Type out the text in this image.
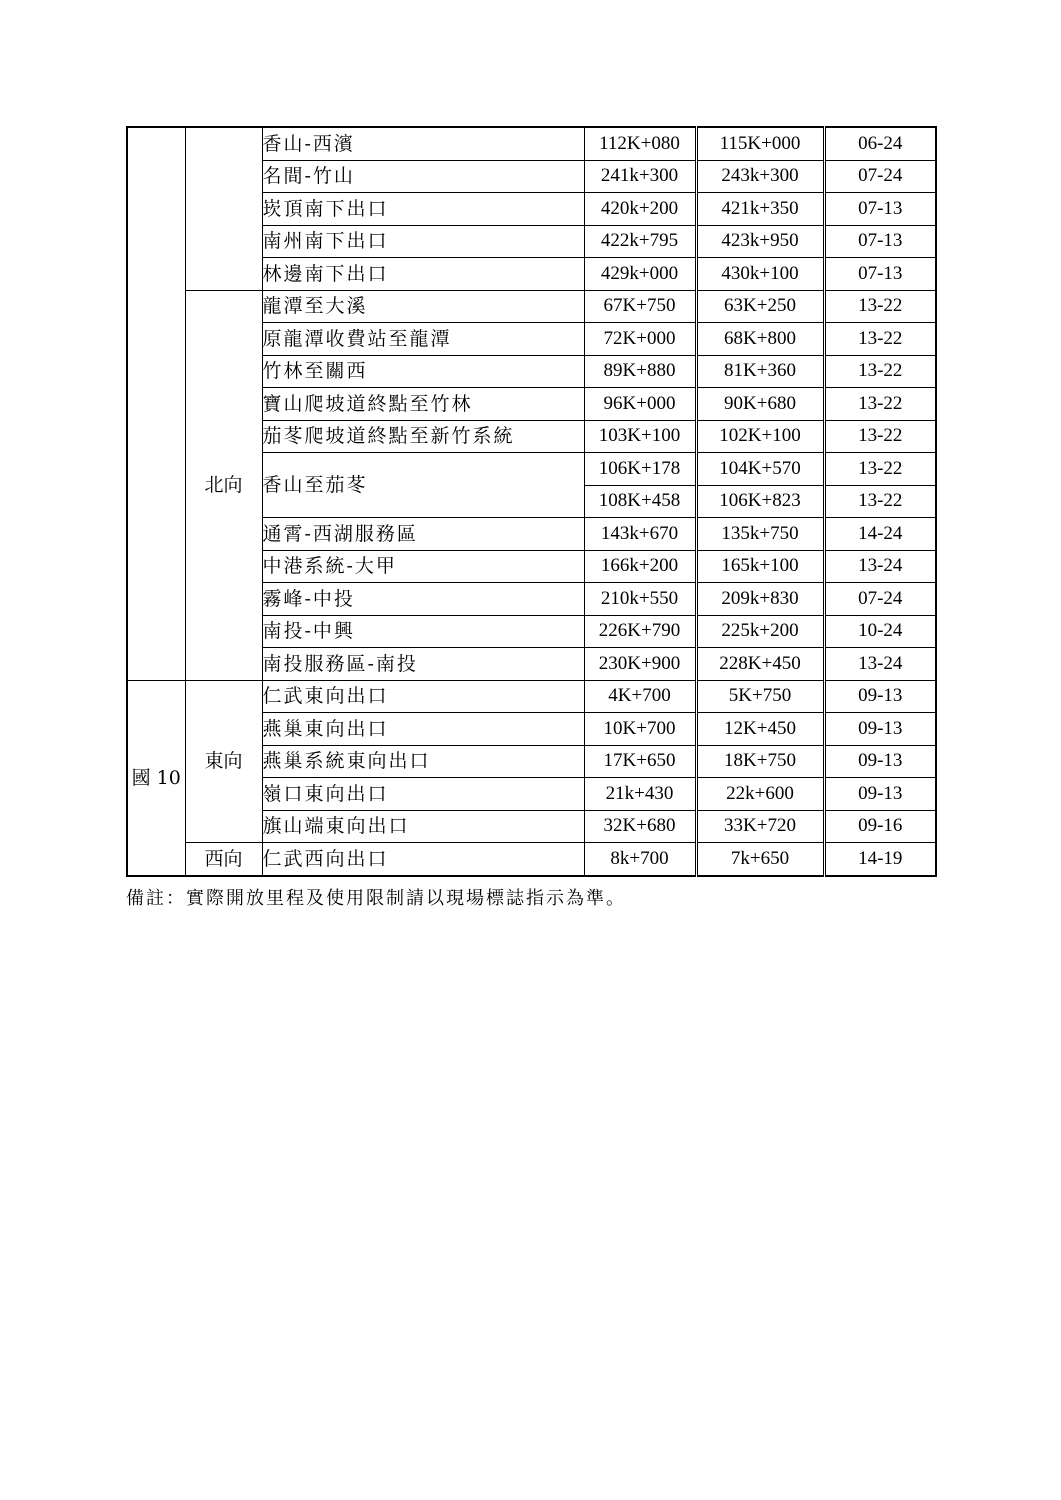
		香山-西濱	112K+080	115K+000	06-24
		名間-竹山	241k+300	243k+300	07-24
		崁頂南下出口	420k+200	421k+350	07-13
		南州南下出口	422k+795	423k+950	07-13
		林邊南下出口	429k+000	430k+100	07-13
	北向	龍潭至大溪	67K+750	63K+250	13-22
		原龍潭收費站至龍潭	72K+000	68K+800	13-22
		竹林至關西	89K+880	81K+360	13-22
		寶山爬坡道終點至竹林	96K+000	90K+680	13-22
		茄苳爬坡道終點至新竹系統	103K+100	102K+100	13-22
		香山至茄苳	106K+178	104K+570	13-22
			108K+458	106K+823	13-22
		通霄-西湖服務區	143k+670	135k+750	14-24
		中港系統-大甲	166k+200	165k+100	13-24
		霧峰-中投	210k+550	209k+830	07-24
		南投-中興	226K+790	225k+200	10-24
		南投服務區-南投	230K+900	228K+450	13-24
國 10	東向	仁武東向出口	4K+700	5K+750	09-13
		燕巢東向出口	10K+700	12K+450	09-13
		燕巢系統東向出口	17K+650	18K+750	09-13
		嶺口東向出口	21k+430	22k+600	09-13
		旗山端東向出口	32K+680	33K+720	09-16
	西向	仁武西向出口	8k+700	7k+650	14-19
備註：實際開放里程及使用限制請以現場標誌指示為準。
